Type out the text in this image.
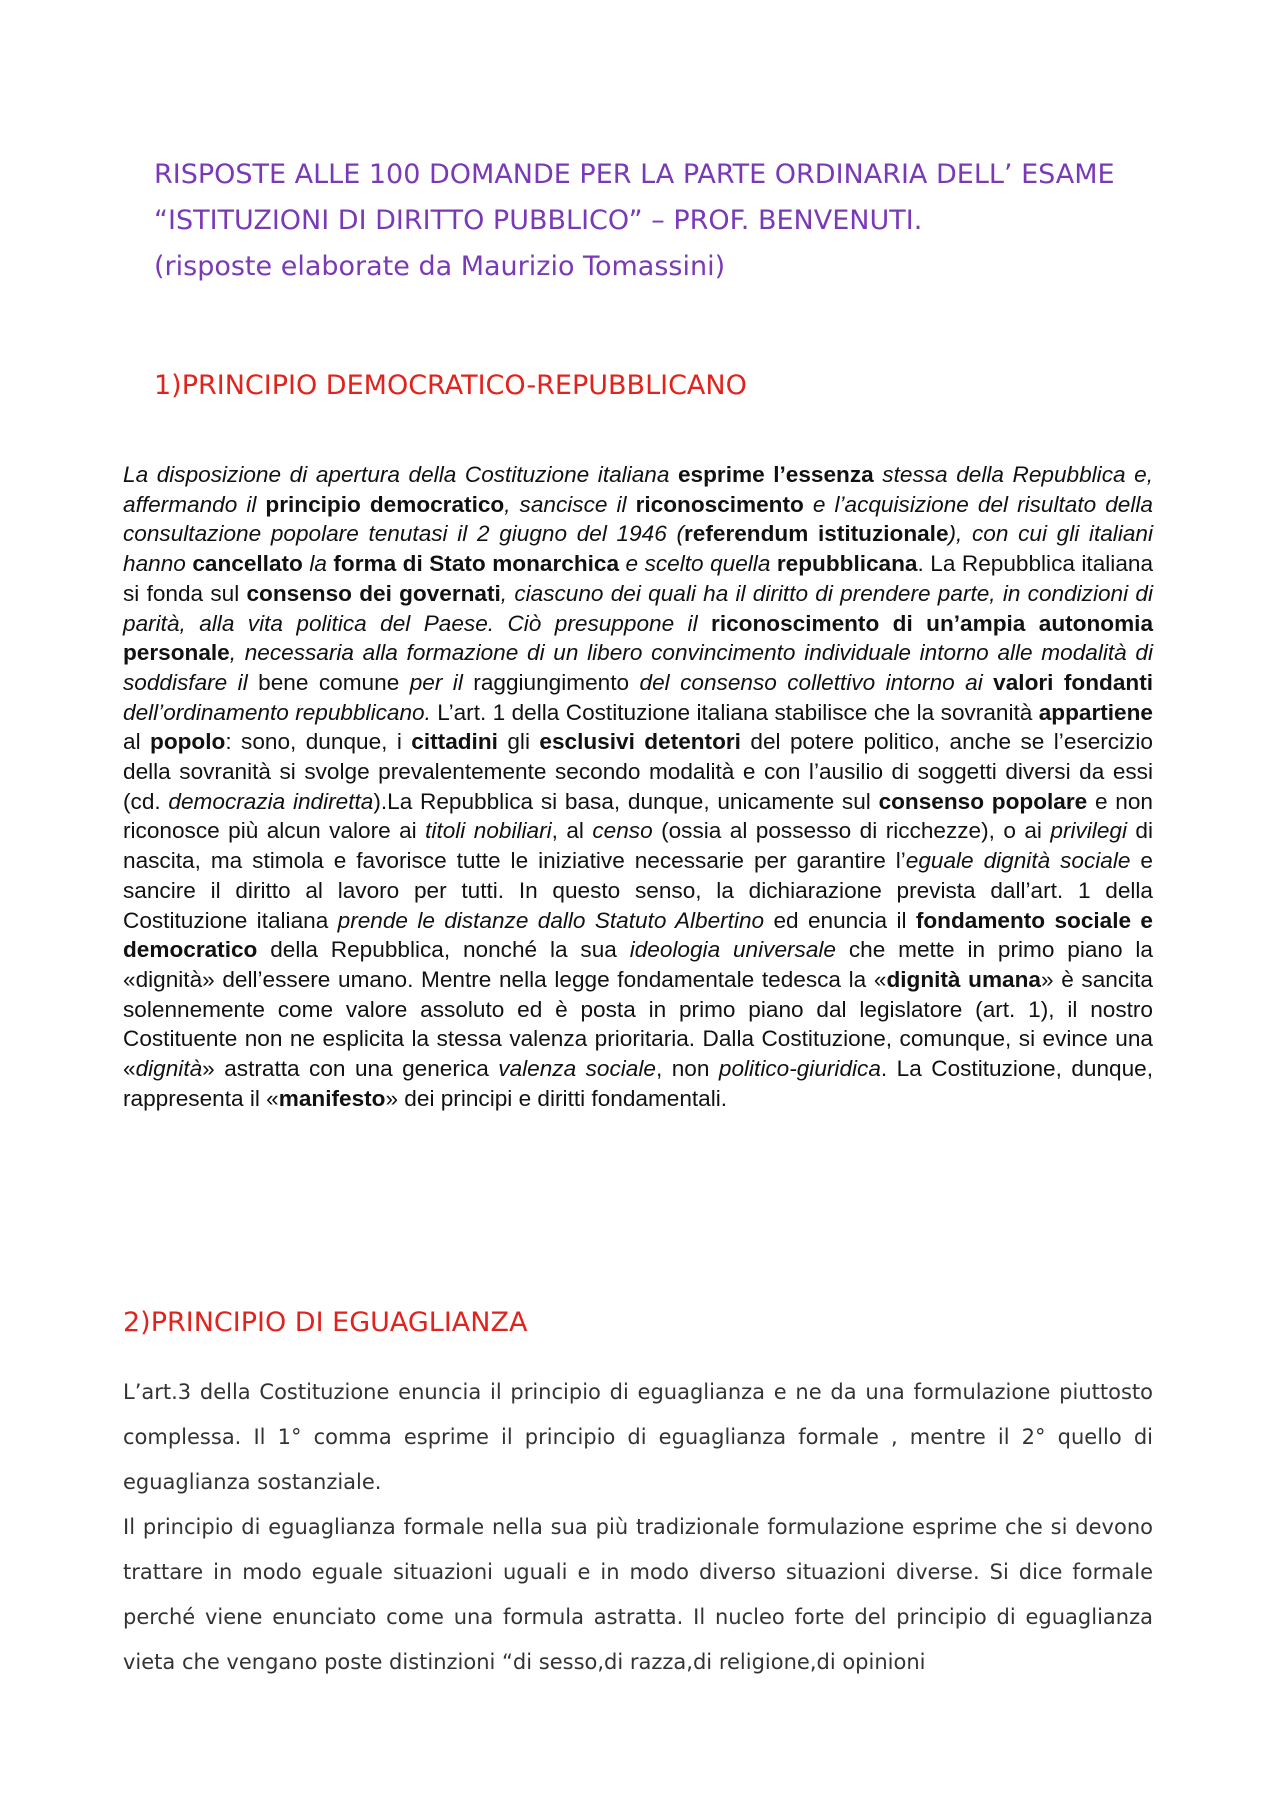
RISPOSTE ALLE 100 DOMANDE PER LA PARTE ORDINARIA DELL’ ESAME
“ISTITUZIONI DI DIRITTO PUBBLICO” – PROF. BENVENUTI.
(risposte elaborate da Maurizio Tomassini)
1)PRINCIPIO DEMOCRATICO-REPUBBLICANO
La disposizione di apertura della Costituzione italiana esprime l’essenza stessa della Repubblica e, affermando il principio democratico, sancisce il riconoscimento e l’acquisizione del risultato della consultazione popolare tenutasi il 2 giugno del 1946 (referendum istituzionale), con cui gli italiani hanno cancellato la forma di Stato monarchica e scelto quella repubblicana. La Repubblica italiana si fonda sul consenso dei governati, ciascuno dei quali ha il diritto di prendere parte, in condizioni di parità, alla vita politica del Paese. Ciò presuppone il riconoscimento di un’ampia autonomia personale, necessaria alla formazione di un libero convincimento individuale intorno alle modalità di soddisfare il bene comune per il raggiungimento del consenso collettivo intorno ai valori fondanti dell’ordinamento repubblicano. L’art. 1 della Costituzione italiana stabilisce che la sovranità appartiene al popolo: sono, dunque, i cittadini gli esclusivi detentori del potere politico, anche se l’esercizio della sovranità si svolge prevalentemente secondo modalità e con l’ausilio di soggetti diversi da essi (cd. democrazia indiretta).La Repubblica si basa, dunque, unicamente sul consenso popolare e non riconosce più alcun valore ai titoli nobiliari, al censo (ossia al possesso di ricchezze), o ai privilegi di nascita, ma stimola e favorisce tutte le iniziative necessarie per garantire l’eguale dignità sociale e sancire il diritto al lavoro per tutti. In questo senso, la dichiarazione prevista dall’art. 1 della Costituzione italiana prende le distanze dallo Statuto Albertino ed enuncia il fondamento sociale e democratico della Repubblica, nonché la sua ideologia universale che mette in primo piano la «dignità» dell’essere umano. Mentre nella legge fondamentale tedesca la «dignità umana» è sancita solennemente come valore assoluto ed è posta in primo piano dal legislatore (art. 1), il nostro Costituente non ne esplicita la stessa valenza prioritaria. Dalla Costituzione, comunque, si evince una «dignità» astratta con una generica valenza sociale, non politico-giuridica. La Costituzione, dunque, rappresenta il «manifesto» dei principi e diritti fondamentali.
2)PRINCIPIO DI EGUAGLIANZA

L’art.3 della Costituzione enuncia il principio di eguaglianza e ne da una formulazione piuttosto complessa. Il 1° comma esprime il principio di eguaglianza formale , mentre il 2° quello di eguaglianza sostanziale.

Il principio di eguaglianza formale nella sua più tradizionale formulazione esprime che si devono trattare in modo eguale situazioni uguali e in modo diverso situazioni diverse. Si dice formale perché viene enunciato come una formula astratta. Il nucleo forte del principio di eguaglianza vieta che vengano poste distinzioni “di sesso,di razza,di religione,di opinioni
